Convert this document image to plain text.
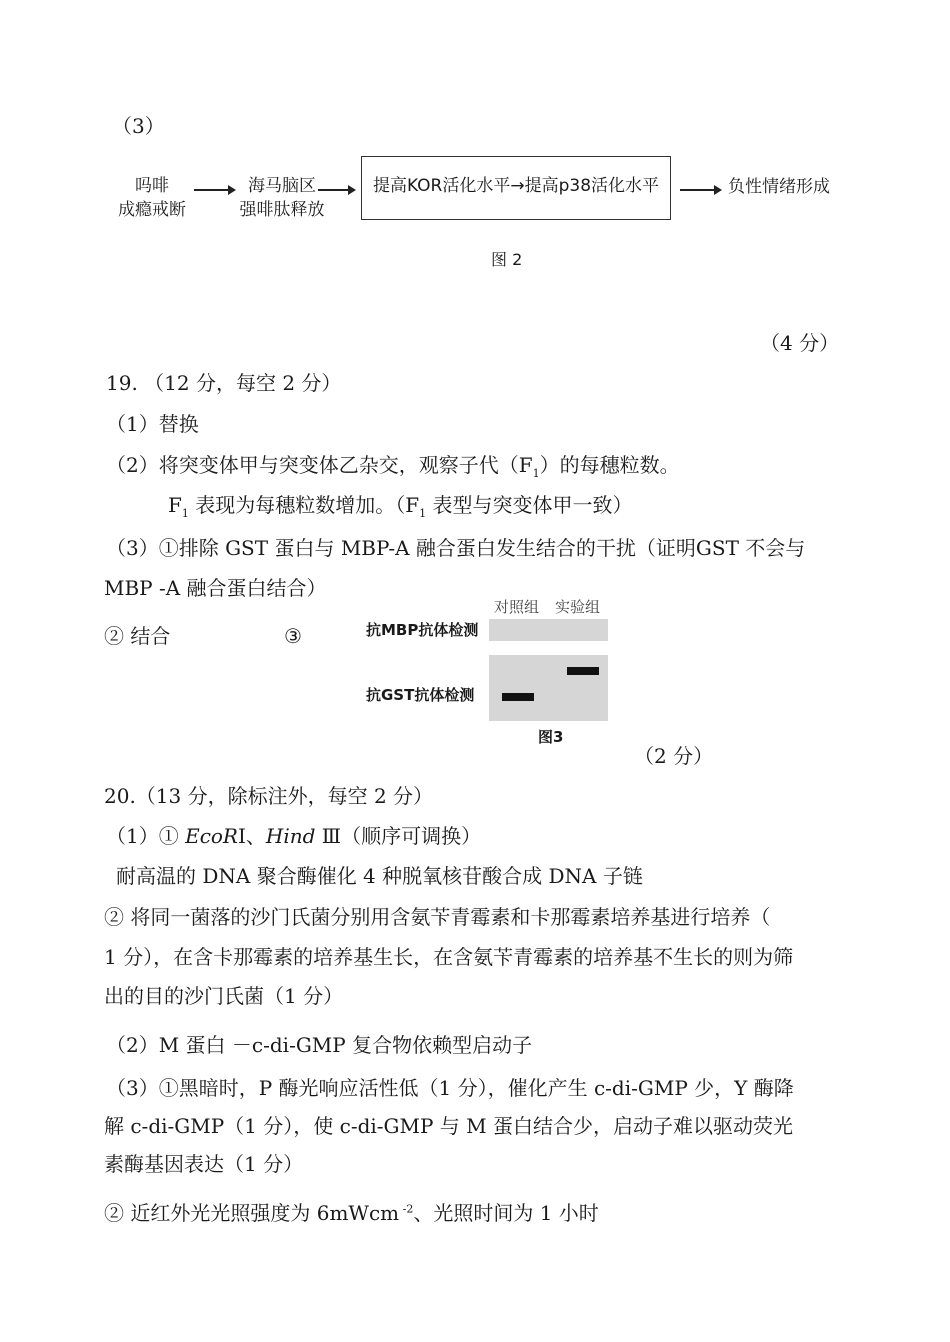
（3）
吗啡
成瘾戒断
海马脑区
强啡肽释放
提高KOR活化水平→提高p38活化水平	负性情绪形成
图 2
（4 分）
19. （12 分，每空 2 分）
（1）替换
（2）将突变体甲与突变体乙杂交，观察子代$(F_1)$的每穗粒数。
$F_1$ 表现为每穗粒数增加。（$F_1$ 表型与突变体甲一致）
（3）①排除 GST 蛋白与 MBP-A 融合蛋白发生结合的干扰（证明GST 不会与
MBP -A 融合蛋白结合）
② 结合	③
对照组 实验组
抗MBP抗体检测
抗GST抗体检测
图3
（2 分）
20.（13 分，除标注外，每空 2 分）
（1）① EcoRⅠ、Hind Ⅲ（顺序可调换）
耐高温的 DNA 聚合酶催化 4 种脱氧核苷酸合成 DNA 子链
② 将同一菌落的沙门氏菌分别用含氨苄青霉素和卡那霉素培养基进行培养（
1 分），在含卡那霉素的培养基生长，在含氨苄青霉素的培养基不生长的则为筛
出的目的沙门氏菌（1 分）
（2）M 蛋白 －c-di-GMP 复合物依赖型启动子
（3）①黑暗时，P 酶光响应活性低（1 分），催化产生 c-di-GMP 少，Y 酶降
解 c-di-GMP（1 分），使 c-di-GMP 与 M 蛋白结合少，启动子难以驱动荧光
素酶基因表达（1 分）
② 近红外光光照强度为 6mWcm $^{-2}$、光照时间为 1 小时
